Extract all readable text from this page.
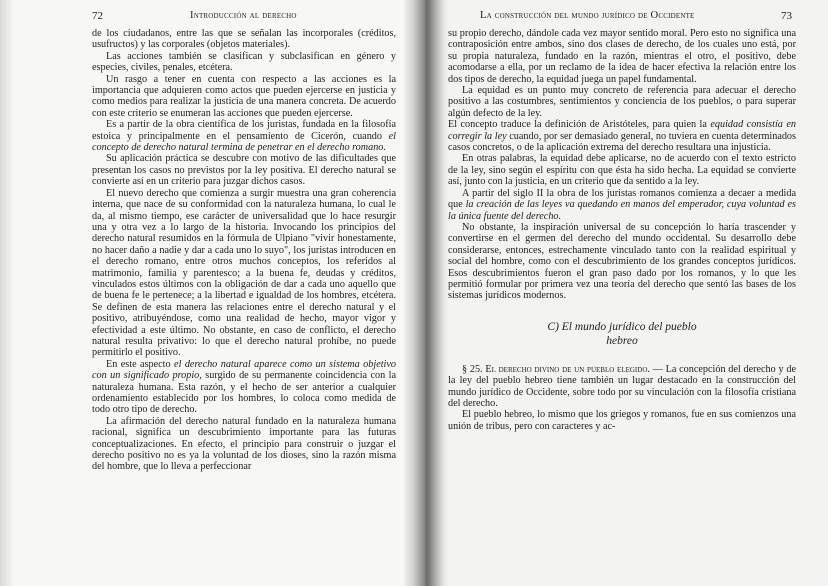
72	Introducción al derecho

de los ciudadanos, entre las que se señalan las incorporales (créditos, usufructos) y las corporales (objetos materiales).

Las acciones también se clasifican y subclasifican en género y especies, civiles, penales, etcétera.

Un rasgo a tener en cuenta con respecto a las acciones es la importancia que adquieren como actos que pueden ejercerse en justicia y como medios para realizar la justicia de una manera concreta. De acuerdo con este criterio se enumeran las acciones que pueden ejercerse.

Es a partir de la obra científica de los juristas, fundada en la filosofía estoica y principalmente en el pensamiento de Cicerón, cuando el concepto de derecho natural termina de penetrar en el derecho romano.

Su aplicación práctica se descubre con motivo de las dificultades que presentan los casos no previstos por la ley positiva. El derecho natural se convierte así en un criterio para juzgar dichos casos.

El nuevo derecho que comienza a surgir muestra una gran coherencia interna, que nace de su conformidad con la naturaleza humana, lo cual le da, al mismo tiempo, ese carácter de universalidad que lo hace resurgir una y otra vez a lo largo de la historia. Invocando los principios del derecho natural resumidos en la fórmula de Ulpiano "vivir honestamente, no hacer daño a nadie y dar a cada uno lo suyo", los juristas introducen en el derecho romano, entre otros muchos conceptos, los referidos al matrimonio, familia y parentesco; a la buena fe, deudas y créditos, vinculados estos últimos con la obligación de dar a cada uno aquello que de buena fe le pertenece; a la libertad e igualdad de los hombres, etcétera. Se definen de esta manera las relaciones entre el derecho natural y el positivo, atribuyéndose, como una realidad de hecho, mayor vigor y efectividad a este último. No obstante, en caso de conflicto, el derecho natural resulta privativo: lo que el derecho natural prohíbe, no puede permitirlo el positivo.

En este aspecto el derecho natural aparece como un sistema objetivo con un significado propio, surgido de su permanente coincidencia con la naturaleza humana. Esta razón, y el hecho de ser anterior a cualquier ordenamiento establecido por los hombres, lo coloca como medida de todo otro tipo de derecho.

La afirmación del derecho natural fundado en la naturaleza humana racional, significa un descubrimiento importante para las futuras conceptualizaciones. En efecto, el principio para construir o juzgar el derecho positivo no es ya la voluntad de los dioses, sino la razón misma del hombre, que lo lleva a perfeccionar

La construcción del mundo jurídico de Occidente	73

su propio derecho, dándole cada vez mayor sentido moral. Pero esto no significa una contraposición entre ambos, sino dos clases de derecho, de los cuales uno está, por su propia naturaleza, fundado en la razón, mientras el otro, el positivo, debe acomodarse a ella, por un reclamo de la idea de hacer efectiva la relación entre los dos tipos de derecho, la equidad juega un papel fundamental.

La equidad es un punto muy concreto de referencia para adecuar el derecho positivo a las costumbres, sentimientos y conciencia de los pueblos, o para superar algún defecto de la ley.

El concepto traduce la definición de Aristóteles, para quien la equidad consistía en corregir la ley cuando, por ser demasiado general, no tuviera en cuenta determinados casos concretos, o de la aplicación extrema del derecho resultara una injusticia.

En otras palabras, la equidad debe aplicarse, no de acuerdo con el texto estricto de la ley, sino según el espíritu con que ésta ha sido hecha. La equidad se convierte así, junto con la justicia, en un criterio que da sentido a la ley.

A partir del siglo II la obra de los juristas romanos comienza a decaer a medida que la creación de las leyes va quedando en manos del emperador, cuya voluntad es la única fuente del derecho.

No obstante, la inspiración universal de su concepción lo haría trascender y convertirse en el germen del derecho del mundo occidental. Su desarrollo debe considerarse, entonces, estrechamente vinculado tanto con la realidad espiritual y social del hombre, como con el descubrimiento de los grandes conceptos jurídicos. Esos descubrimientos fueron el gran paso dado por los romanos, y lo que les permitió formular por primera vez una teoría del derecho que sentó las bases de los sistemas jurídicos modernos.

C) El mundo jurídico del pueblo
hebreo

§ 25. El derecho divino de un pueblo elegido. — La concepción del derecho y de la ley del pueblo hebreo tiene también un lugar destacado en la construcción del mundo jurídico de Occidente, sobre todo por su vinculación con la filosofía cristiana del derecho.

El pueblo hebreo, lo mismo que los griegos y romanos, fue en sus comienzos una unión de tribus, pero con caracteres y ac-
